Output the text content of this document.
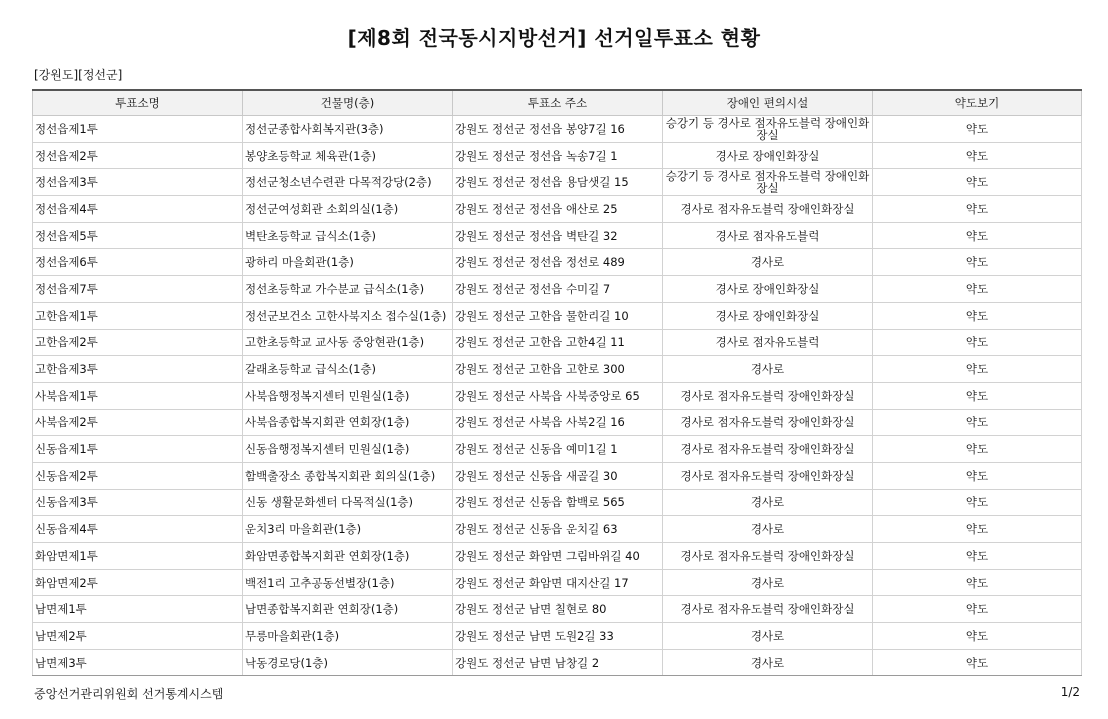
[제8회 전국동시지방선거] 선거일투표소 현황
[강원도][정선군]
투표소명	건물명(층)	투표소 주소	장애인 편의시설	약도보기
정선읍제1투	정선군종합사회복지관(3층)	강원도 정선군 정선읍 봉양7길 16	승강기 등 경사로 점자유도블럭 장애인화장실	약도
정선읍제2투	봉양초등학교 체육관(1층)	강원도 정선군 정선읍 녹송7길 1	경사로 장애인화장실	약도
정선읍제3투	정선군청소년수련관 다목적강당(2층)	강원도 정선군 정선읍 용담샛길 15	승강기 등 경사로 점자유도블럭 장애인화장실	약도
정선읍제4투	정선군여성회관 소회의실(1층)	강원도 정선군 정선읍 애산로 25	경사로 점자유도블럭 장애인화장실	약도
정선읍제5투	벽탄초등학교 급식소(1층)	강원도 정선군 정선읍 벽탄길 32	경사로 점자유도블럭	약도
정선읍제6투	광하리 마을회관(1층)	강원도 정선군 정선읍 정선로 489	경사로	약도
정선읍제7투	정선초등학교 가수분교 급식소(1층)	강원도 정선군 정선읍 수미길 7	경사로 장애인화장실	약도
고한읍제1투	정선군보건소 고한사북지소 접수실(1층)	강원도 정선군 고한읍 물한리길 10	경사로 장애인화장실	약도
고한읍제2투	고한초등학교 교사동 중앙현관(1층)	강원도 정선군 고한읍 고한4길 11	경사로 점자유도블럭	약도
고한읍제3투	갈래초등학교 급식소(1층)	강원도 정선군 고한읍 고한로 300	경사로	약도
사북읍제1투	사북읍행정복지센터 민원실(1층)	강원도 정선군 사북읍 사북중앙로 65	경사로 점자유도블럭 장애인화장실	약도
사북읍제2투	사북읍종합복지회관 연회장(1층)	강원도 정선군 사북읍 사북2길 16	경사로 점자유도블럭 장애인화장실	약도
신동읍제1투	신동읍행정복지센터 민원실(1층)	강원도 정선군 신동읍 예미1길 1	경사로 점자유도블럭 장애인화장실	약도
신동읍제2투	함백출장소 종합복지회관 회의실(1층)	강원도 정선군 신동읍 새골길 30	경사로 점자유도블럭 장애인화장실	약도
신동읍제3투	신동 생활문화센터 다목적실(1층)	강원도 정선군 신동읍 함백로 565	경사로	약도
신동읍제4투	운치3리 마을회관(1층)	강원도 정선군 신동읍 운치길 63	경사로	약도
화암면제1투	화암면종합복지회관 연회장(1층)	강원도 정선군 화암면 그림바위길 40	경사로 점자유도블럭 장애인화장실	약도
화암면제2투	백전1리 고추공동선별장(1층)	강원도 정선군 화암면 대지산길 17	경사로	약도
남면제1투	남면종합복지회관 연회장(1층)	강원도 정선군 남면 칠현로 80	경사로 점자유도블럭 장애인화장실	약도
남면제2투	무릉마을회관(1층)	강원도 정선군 남면 도원2길 33	경사로	약도
남면제3투	낙동경로당(1층)	강원도 정선군 남면 남창길 2	경사로	약도
중앙선거관리위원회 선거통계시스템	1/2
